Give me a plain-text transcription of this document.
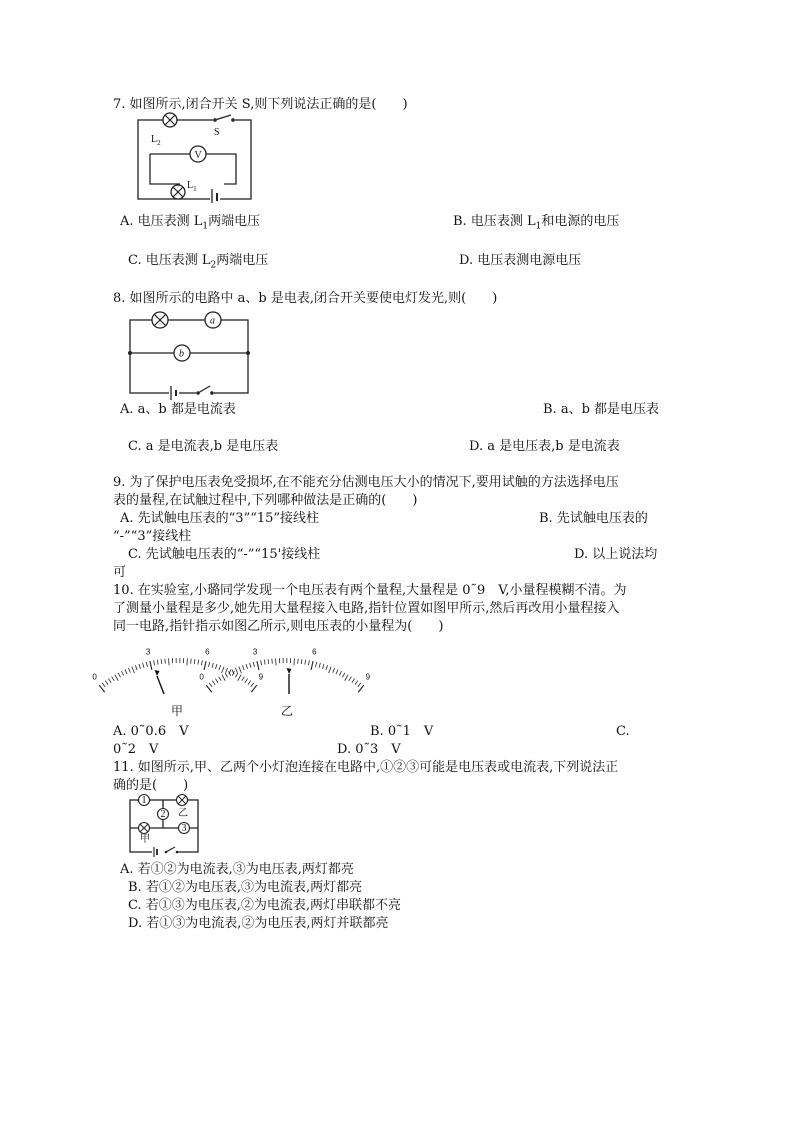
7. 如图所示,闭合开关 S,则下列说法正确的是(　　)
V
$L_2$
S
$L_1$
A. 电压表测 $L_1$两端电压	B. 电压表测 $L_1$和电源的电压
C. 电压表测 $L_2$两端电压	D. 电压表测电源电压
8. 如图所示的电路中 a、b 是电表,闭合开关要使电灯发光,则(　　)
a
b
A. a、b 都是电流表	B. a、b 都是电压表
C. a 是电流表,b 是电压表	D. a 是电压表,b 是电流表
9. 为了保护电压表免受损坏,在不能充分估测电压大小的情况下,要用试触的方法选择电压
表的量程,在试触过程中,下列哪种做法是正确的(　　)
A. 先试触电压表的“3”“15”接线柱	B. 先试触电压表的
“-”“3”接线柱
C. 先试触电压表的“-”“15'接线柱	D. 以上说法均
可
10. 在实验室,小璐同学发现一个电压表有两个量程,大量程是 0˜9　V,小量程模糊不清。为
了测量小量程是多少,她先用大量程接入电路,指针位置如图甲所示,然后再改用小量程接入
同一电路,指针指示如图乙所示,则电压表的小量程为(　　)
0
3	6
9
0
3	6
9
甲	乙
A. 0˜0.6　V	B. 0˜1　V	C.
0˜2　V	D. 0˜3　V
11. 如图所示,甲、乙两个小灯泡连接在电路中,①②③可能是电压表或电流表,下列说法正
确的是(　　)
1
乙
2
甲
3
A. 若①②为电流表,③为电压表,两灯都亮
B. 若①②为电压表,③为电流表,两灯都亮
C. 若①③为电压表,②为电流表,两灯串联都不亮
D. 若①③为电流表,②为电压表,两灯并联都亮
